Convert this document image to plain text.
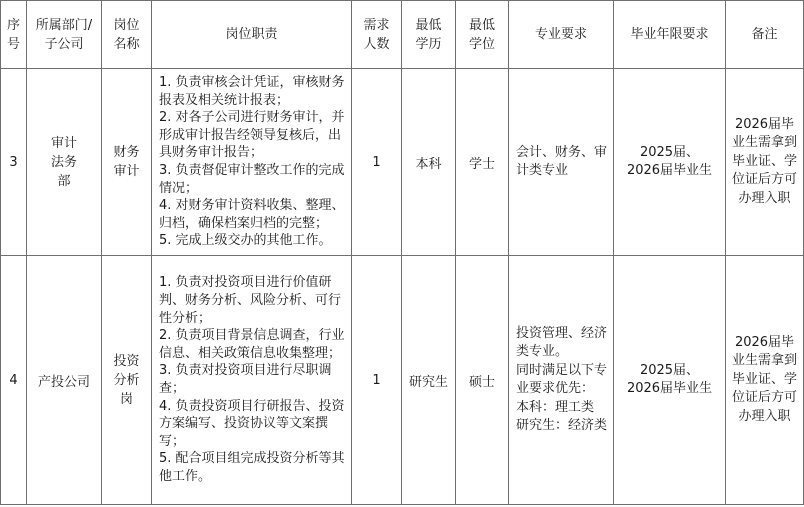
序号	所属部门/子公司	岗位名称	岗位职责	需求人数	最低学历	最低学位	专业要求	毕业年限要求	备注
3	审计法务部	财务审计	1. 负责审核会计凭证，审核财务报表及相关统计报表；
2. 对各子公司进行财务审计，并形成审计报告经领导复核后，出具财务审计报告；
3. 负责督促审计整改工作的完成情况；
4. 对财务审计资料收集、整理、归档，确保档案归档的完整；
5. 完成上级交办的其他工作。	1	本科	学士	会计、财务、审计类专业	2025届、2026届毕业生	2026届毕业生需拿到毕业证、学位证后方可办理入职
4	产投公司	投资分析岗	1. 负责对投资项目进行价值研判、财务分析、风险分析、可行性分析；
2. 负责项目背景信息调查，行业信息、相关政策信息收集整理；
3. 负责对投资项目进行尽职调查；
4. 负责投资项目行研报告、投资方案编写、投资协议等文案撰写；
5. 配合项目组完成投资分析等其他工作。	1	研究生	硕士	投资管理、经济类专业。
同时满足以下专业要求优先：
本科：理工类
研究生：经济类	2025届、2026届毕业生	2026届毕业生需拿到毕业证、学位证后方可办理入职
